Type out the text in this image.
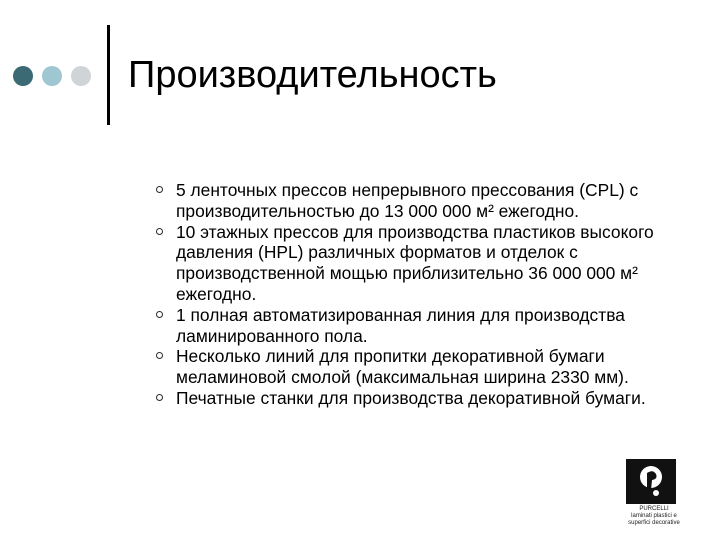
Производительность
5 ленточных прессов непрерывного прессования (CPL) с производительностью до 13 000 000 м² ежегодно.
10 этажных прессов для производства пластиков высокого давления (HPL) различных форматов и отделок с производственной мощью приблизительно 36 000 000 м² ежегодно.
1 полная автоматизированная линия для производства ламинированного пола.
Несколько линий для пропитки декоративной бумаги меламиновой смолой (максимальная ширина 2330 мм).
Печатные станки для производства декоративной бумаги.
PURCELLI
laminati plastici e
superfici decorative
